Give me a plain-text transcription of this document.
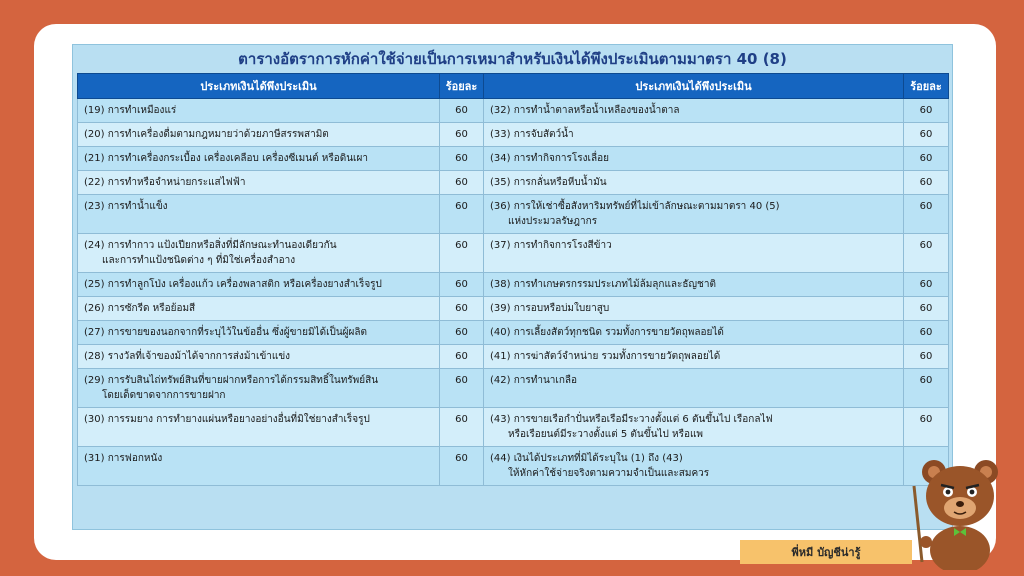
ตารางอัตราการหักค่าใช้จ่ายเป็นการเหมาสำหรับเงินได้พึงประเมินตามมาตรา 40 (8)
ประเภทเงินได้พึงประเมิน	ร้อยละ	ประเภทเงินได้พึงประเมิน	ร้อยละ
(19) การทำเหมืองแร่	60	(32) การทำน้ำตาลหรือน้ำเหลืองของน้ำตาล	60
(20) การทำเครื่องดื่มตามกฎหมายว่าด้วยภาษีสรรพสามิต	60	(33) การจับสัตว์น้ำ	60
(21) การทำเครื่องกระเบื้อง เครื่องเคลือบ เครื่องซีเมนต์ หรือดินเผา	60	(34) การทำกิจการโรงเลื่อย	60
(22) การทำหรือจำหน่ายกระแสไฟฟ้า	60	(35) การกลั่นหรือหีบน้ำมัน	60
(23) การทำน้ำแข็ง	60	(36) การให้เช่าซื้อสังหาริมทรัพย์ที่ไม่เข้าลักษณะตามมาตรา 40 (5)
แห่งประมวลรัษฎากร	60
(24) การทำกาว แป้งเปียกหรือสิ่งที่มีลักษณะทำนองเดียวกัน
และการทำแป้งชนิดต่าง ๆ ที่มิใช่เครื่องสำอาง	60	(37) การทำกิจการโรงสีข้าว	60
(25) การทำลูกโป่ง เครื่องแก้ว เครื่องพลาสติก หรือเครื่องยางสำเร็จรูป	60	(38) การทำเกษตรกรรมประเภทไม้ล้มลุกและธัญชาติ	60
(26) การซักรีด หรือย้อมสี	60	(39) การอบหรือบ่มใบยาสูบ	60
(27) การขายของนอกจากที่ระบุไว้ในข้ออื่น ซึ่งผู้ขายมิได้เป็นผู้ผลิต	60	(40) การเลี้ยงสัตว์ทุกชนิด รวมทั้งการขายวัตถุพลอยได้	60
(28) รางวัลที่เจ้าของม้าได้จากการส่งม้าเข้าแข่ง	60	(41) การฆ่าสัตว์จำหน่าย รวมทั้งการขายวัตถุพลอยได้	60
(29) การรับสินไถ่ทรัพย์สินที่ขายฝากหรือการได้กรรมสิทธิ์ในทรัพย์สิน
โดยเด็ดขาดจากการขายฝาก	60	(42) การทำนาเกลือ	60
(30) การรมยาง การทำยางแผ่นหรือยางอย่างอื่นที่มิใช่ยางสำเร็จรูป	60	(43) การขายเรือกำปั่นหรือเรือมีระวางตั้งแต่ 6 ตันขึ้นไป เรือกลไฟ
หรือเรือยนต์มีระวางตั้งแต่ 5 ตันขึ้นไป หรือแพ	60
(31) การฟอกหนัง	60	(44) เงินได้ประเภทที่มิได้ระบุใน (1) ถึง (43)
ให้หักค่าใช้จ่ายจริงตามความจำเป็นและสมควร	

พี่หมี บัญชีน่ารู้
